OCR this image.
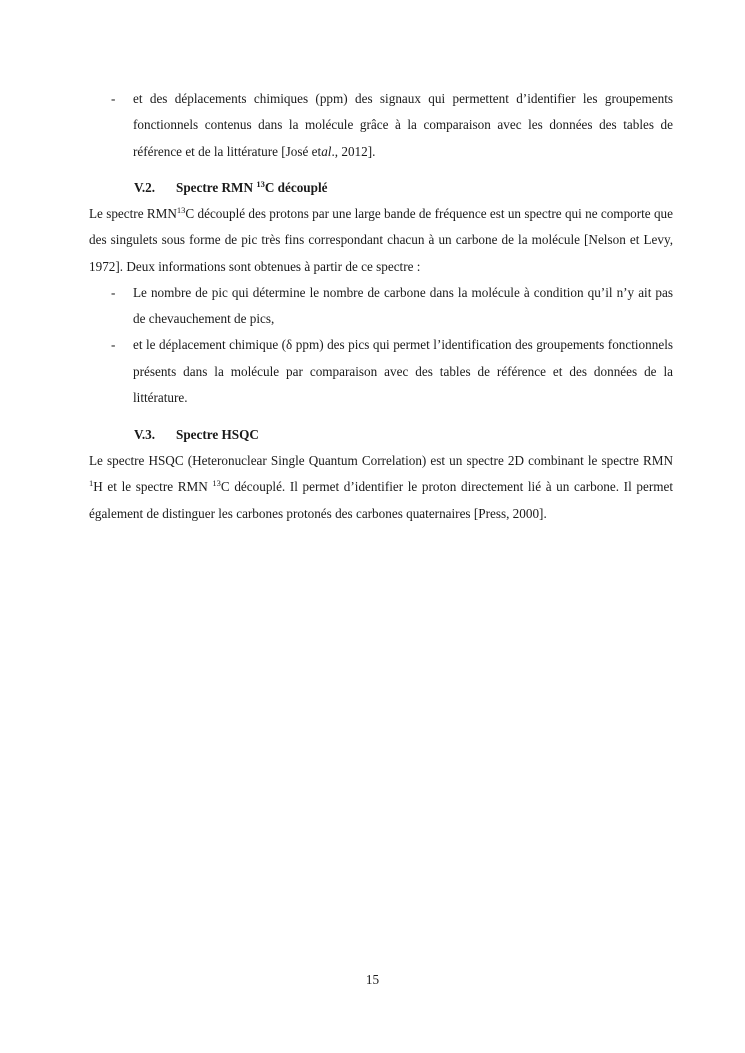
- et des déplacements chimiques (ppm) des signaux qui permettent d’identifier les groupements fonctionnels contenus dans la molécule grâce à la comparaison avec les données des tables de référence et de la littérature [José etal., 2012].
V.2. Spectre RMN $^{13}$C découplé
Le spectre RMN$^{13}$C découplé des protons par une large bande de fréquence est un spectre qui ne comporte que des singulets sous forme de pic très fins correspondant chacun à un carbone de la molécule [Nelson et Levy, 1972]. Deux informations sont obtenues à partir de ce spectre :
- Le nombre de pic qui détermine le nombre de carbone dans la molécule à condition qu’il n’y ait pas de chevauchement de pics,
- et le déplacement chimique (δ ppm) des pics qui permet l’identification des groupements fonctionnels présents dans la molécule par comparaison avec des tables de référence et des données de la littérature.
V.3. Spectre HSQC
Le spectre HSQC (Heteronuclear Single Quantum Correlation) est un spectre 2D combinant le spectre RMN $^1$H et le spectre RMN $^{13}$C découplé. Il permet d’identifier le proton directement lié à un carbone. Il permet également de distinguer les carbones protonés des carbones quaternaires [Press, 2000].
15
